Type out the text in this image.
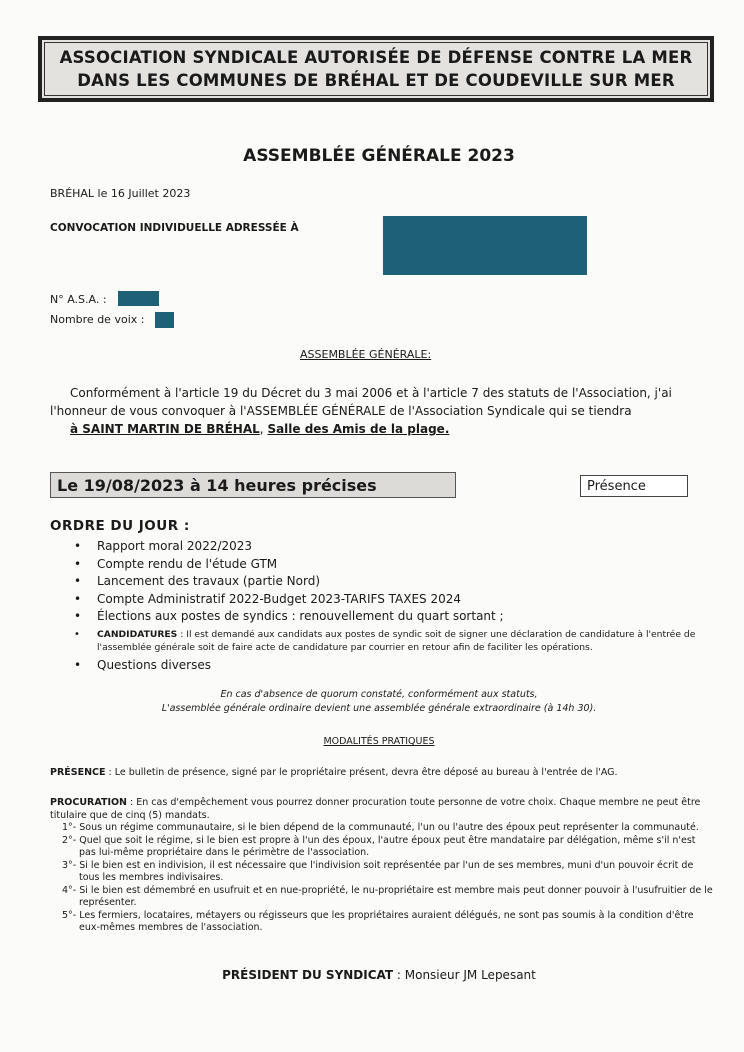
ASSOCIATION SYNDICALE AUTORISÉE DE DÉFENSE CONTRE LA MER
DANS LES COMMUNES DE BRÉHAL ET DE COUDEVILLE SUR MER
ASSEMBLÉE GÉNÉRALE 2023
BRÉHAL le 16 Juillet 2023
CONVOCATION INDIVIDUELLE ADRESSÉE À
N° A.S.A. :
Nombre de voix :
ASSEMBLÉE GÉNÉRALE:
Conformément à l'article 19 du Décret du 3 mai 2006 et à l'article 7 des statuts de l'Association, j'ai l'honneur de vous convoquer à l'ASSEMBLÉE GÉNÉRALE de l'Association Syndicale qui se tiendra
à SAINT MARTIN DE BRÉHAL, Salle des Amis de la plage.
Le 19/08/2023 à 14 heures précises	Présence
ORDRE DU JOUR :
• Rapport moral 2022/2023
• Compte rendu de l'étude GTM
• Lancement des travaux (partie Nord)
• Compte Administratif 2022-Budget 2023-TARIFS TAXES 2024
• Élections aux postes de syndics : renouvellement du quart sortant ;
• CANDIDATURES : Il est demandé aux candidats aux postes de syndic soit de signer une déclaration de candidature à l'entrée de l'assemblée générale soit de faire acte de candidature par courrier en retour afin de faciliter les opérations.
• Questions diverses
En cas d'absence de quorum constaté, conformément aux statuts,
L'assemblée générale ordinaire devient une assemblée générale extraordinaire (à 14h 30).
MODALITÉS PRATIQUES
PRÉSENCE : Le bulletin de présence, signé par le propriétaire présent, devra être déposé au bureau à l'entrée de l'AG.
PROCURATION : En cas d'empêchement vous pourrez donner procuration toute personne de votre choix. Chaque membre ne peut être titulaire que de cinq (5) mandats.
1°- Sous un régime communautaire, si le bien dépend de la communauté, l'un ou l'autre des époux peut représenter la communauté.
2°- Quel que soit le régime, si le bien est propre à l'un des époux, l'autre époux peut être mandataire par délégation, même s'il n'est pas lui-même propriétaire dans le périmètre de l'association.
3°- Si le bien est en indivision, il est nécessaire que l'indivision soit représentée par l'un de ses membres, muni d'un pouvoir écrit de tous les membres indivisaires.
4°- Si le bien est démembré en usufruit et en nue-propriété, le nu-propriétaire est membre mais peut donner pouvoir à l'usufruitier de le représenter.
5°- Les fermiers, locataires, métayers ou régisseurs que les propriétaires auraient délégués, ne sont pas soumis à la condition d'être eux-mêmes membres de l'association.
PRÉSIDENT DU SYNDICAT : Monsieur JM Lepesant
